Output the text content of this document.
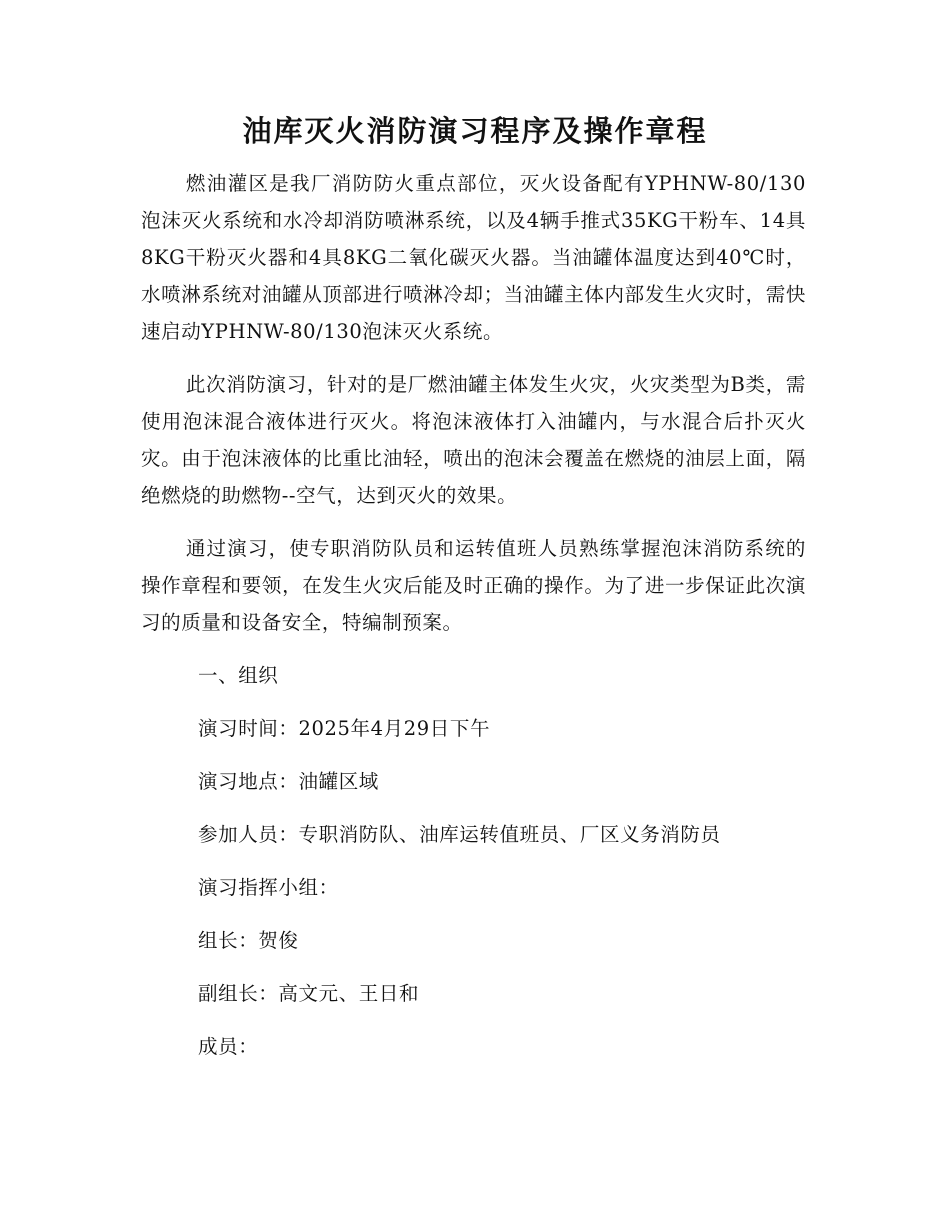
油库灭火消防演习程序及操作章程

燃油灌区是我厂消防防火重点部位，灭火设备配有YPHNW-80/130泡沫灭火系统和水冷却消防喷淋系统，以及4辆手推式35KG干粉车、14具8KG干粉灭火器和4具8KG二氧化碳灭火器。当油罐体温度达到40℃时，水喷淋系统对油罐从顶部进行喷淋冷却；当油罐主体内部发生火灾时，需快速启动YPHNW-80/130泡沫灭火系统。

此次消防演习，针对的是厂燃油罐主体发生火灾，火灾类型为B类，需使用泡沫混合液体进行灭火。将泡沫液体打入油罐内，与水混合后扑灭火灾。由于泡沫液体的比重比油轻，喷出的泡沫会覆盖在燃烧的油层上面，隔绝燃烧的助燃物--空气，达到灭火的效果。

通过演习，使专职消防队员和运转值班人员熟练掌握泡沫消防系统的操作章程和要领，在发生火灾后能及时正确的操作。为了进一步保证此次演习的质量和设备安全，特编制预案。

一、组织

演习时间：2025年4月29日下午

演习地点：油罐区域

参加人员：专职消防队、油库运转值班员、厂区义务消防员

演习指挥小组：

组长：贺俊

副组长：高文元、王日和

成员：
